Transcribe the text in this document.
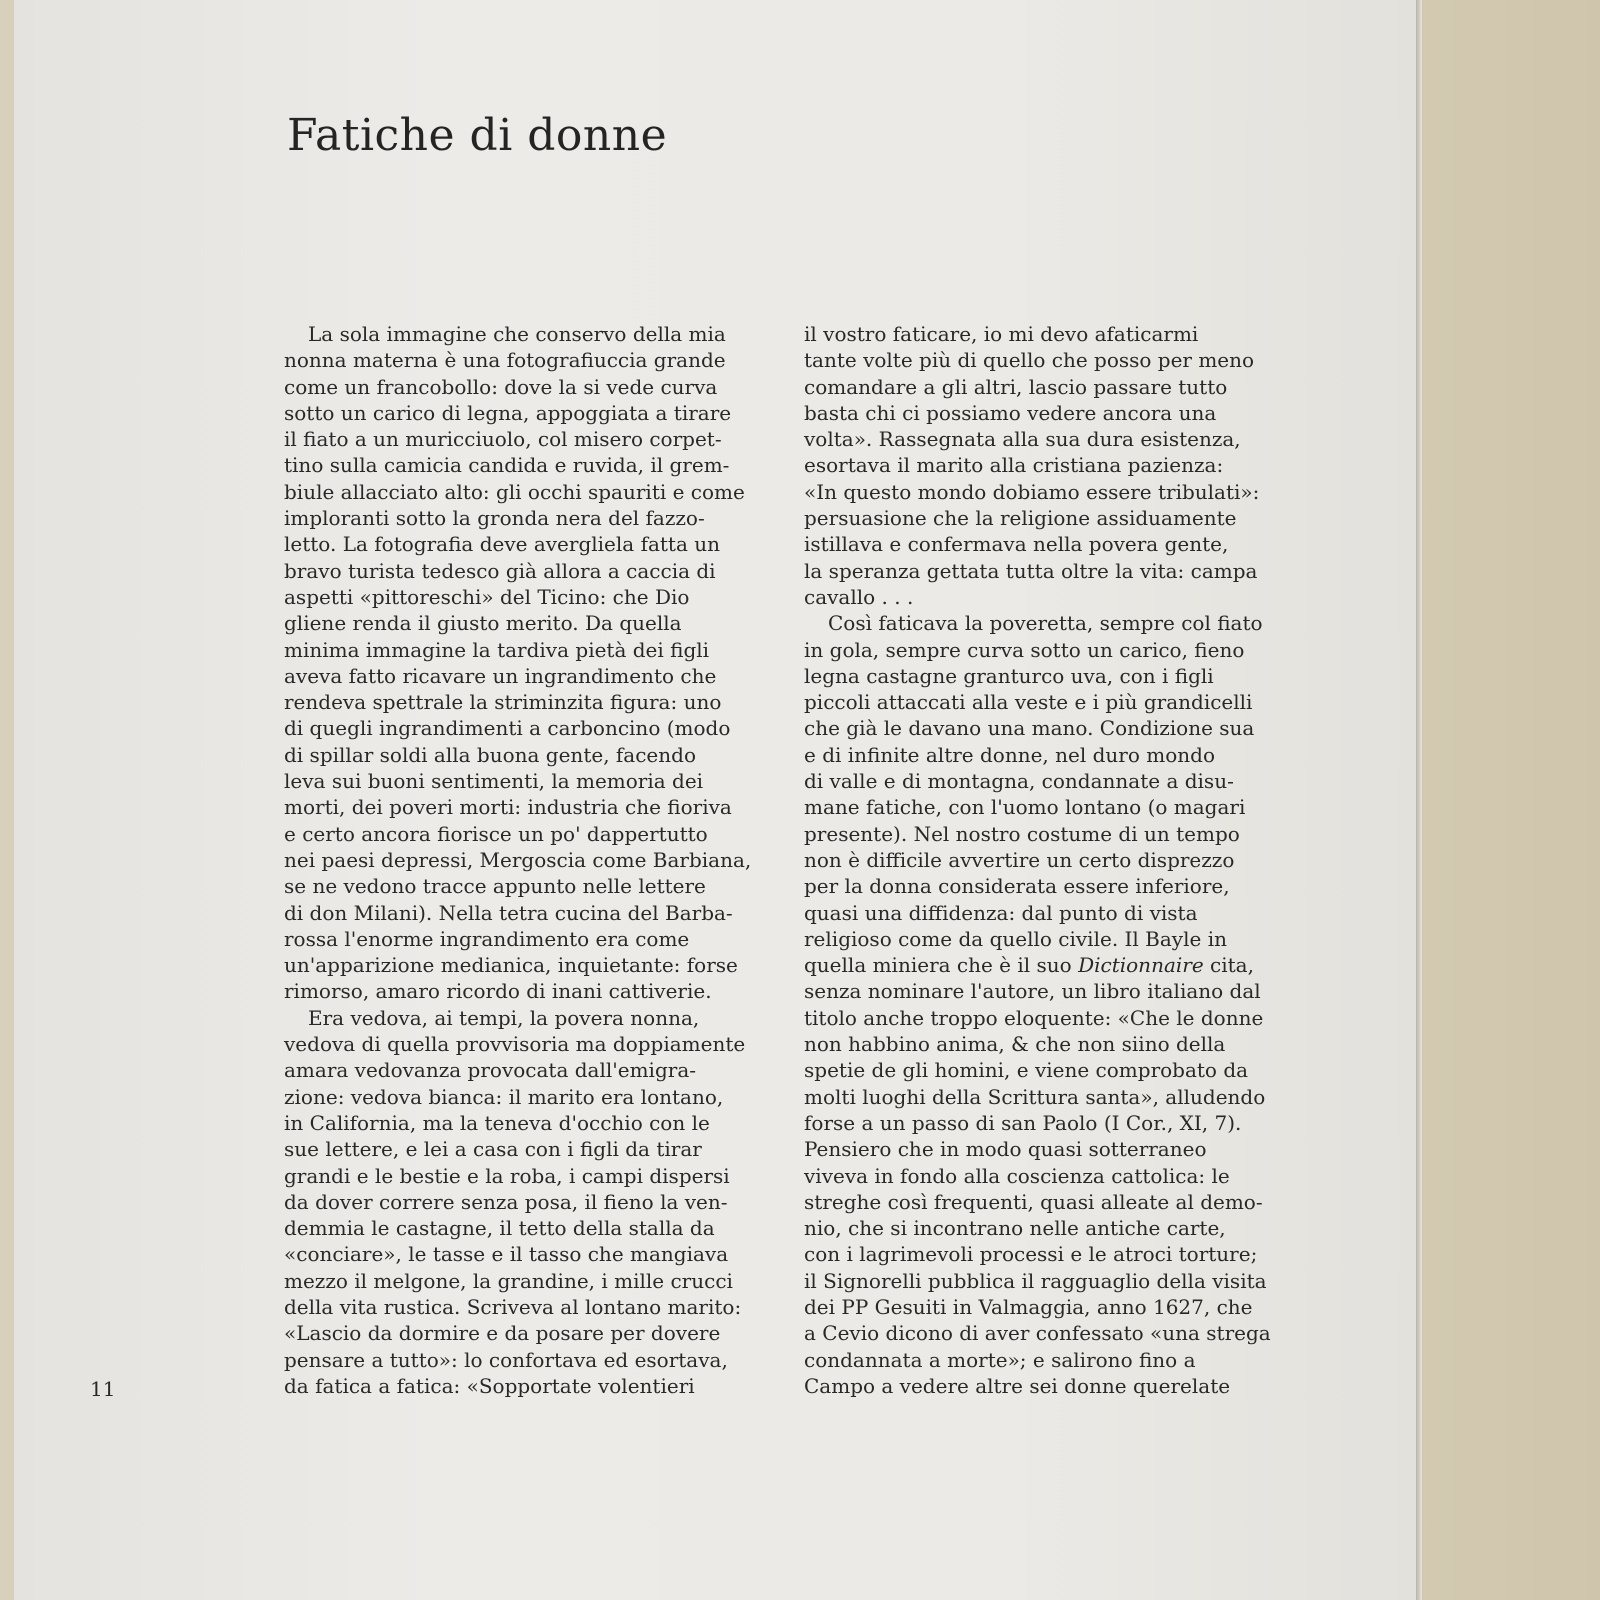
Fatiche di donne
La sola immagine che conservo della mia
nonna materna è una fotografiuccia grande
come un francobollo: dove la si vede curva
sotto un carico di legna, appoggiata a tirare
il fiato a un muricciuolo, col misero corpet-
tino sulla camicia candida e ruvida, il grem-
biule allacciato alto: gli occhi spauriti e come
imploranti sotto la gronda nera del fazzo-
letto. La fotografia deve avergliela fatta un
bravo turista tedesco già allora a caccia di
aspetti «pittoreschi» del Ticino: che Dio
gliene renda il giusto merito. Da quella
minima immagine la tardiva pietà dei figli
aveva fatto ricavare un ingrandimento che
rendeva spettrale la striminzita figura: uno
di quegli ingrandimenti a carboncino (modo
di spillar soldi alla buona gente, facendo
leva sui buoni sentimenti, la memoria dei
morti, dei poveri morti: industria che fioriva
e certo ancora fiorisce un po' dappertutto
nei paesi depressi, Mergoscia come Barbiana,
se ne vedono tracce appunto nelle lettere
di don Milani). Nella tetra cucina del Barba-
rossa l'enorme ingrandimento era come
un'apparizione medianica, inquietante: forse
rimorso, amaro ricordo di inani cattiverie.
Era vedova, ai tempi, la povera nonna,
vedova di quella provvisoria ma doppiamente
amara vedovanza provocata dall'emigra-
zione: vedova bianca: il marito era lontano,
in California, ma la teneva d'occhio con le
sue lettere, e lei a casa con i figli da tirar
grandi e le bestie e la roba, i campi dispersi
da dover correre senza posa, il fieno la ven-
demmia le castagne, il tetto della stalla da
«conciare», le tasse e il tasso che mangiava
mezzo il melgone, la grandine, i mille crucci
della vita rustica. Scriveva al lontano marito:
«Lascio da dormire e da posare per dovere
pensare a tutto»: lo confortava ed esortava,
da fatica a fatica: «Sopportate volentieri
il vostro faticare, io mi devo afaticarmi
tante volte più di quello che posso per meno
comandare a gli altri, lascio passare tutto
basta chi ci possiamo vedere ancora una
volta». Rassegnata alla sua dura esistenza,
esortava il marito alla cristiana pazienza:
«In questo mondo dobiamo essere tribulati»:
persuasione che la religione assiduamente
istillava e confermava nella povera gente,
la speranza gettata tutta oltre la vita: campa
cavallo . . .
Così faticava la poveretta, sempre col fiato
in gola, sempre curva sotto un carico, fieno
legna castagne granturco uva, con i figli
piccoli attaccati alla veste e i più grandicelli
che già le davano una mano. Condizione sua
e di infinite altre donne, nel duro mondo
di valle e di montagna, condannate a disu-
mane fatiche, con l'uomo lontano (o magari
presente). Nel nostro costume di un tempo
non è difficile avvertire un certo disprezzo
per la donna considerata essere inferiore,
quasi una diffidenza: dal punto di vista
religioso come da quello civile. Il Bayle in
quella miniera che è il suo Dictionnaire cita,
senza nominare l'autore, un libro italiano dal
titolo anche troppo eloquente: «Che le donne
non habbino anima, & che non siino della
spetie de gli homini, e viene comprobato da
molti luoghi della Scrittura santa», alludendo
forse a un passo di san Paolo (I Cor., XI, 7).
Pensiero che in modo quasi sotterraneo
viveva in fondo alla coscienza cattolica: le
streghe così frequenti, quasi alleate al demo-
nio, che si incontrano nelle antiche carte,
con i lagrimevoli processi e le atroci torture;
il Signorelli pubblica il ragguaglio della visita
dei PP Gesuiti in Valmaggia, anno 1627, che
a Cevio dicono di aver confessato «una strega
condannata a morte»; e salirono fino a
Campo a vedere altre sei donne querelate
11
